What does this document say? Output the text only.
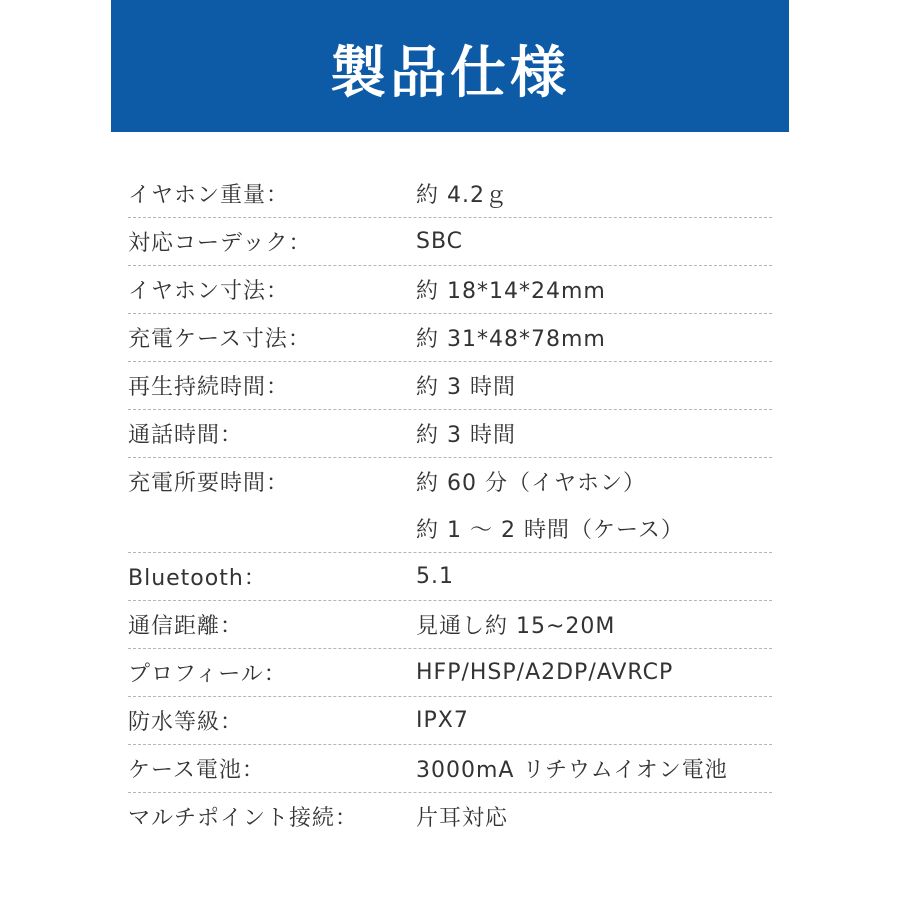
製品仕様
イヤホン重量：	約 4.2ｇ
対応コーデック：	SBC
イヤホン寸法：	約 18*14*24mm
充電ケース寸法：	約 31*48*78mm
再生持続時間：	約 3 時間
通話時間：	約 3 時間
充電所要時間：	約 60 分（イヤホン）
約 1 ～ 2 時間（ケース）
Bluetooth：	5.1
通信距離：	見通し約 15~20M
プロフィール：	HFP/HSP/A2DP/AVRCP
防水等級：	IPX7
ケース電池：	3000mA リチウムイオン電池
マルチポイント接続：	片耳対応
